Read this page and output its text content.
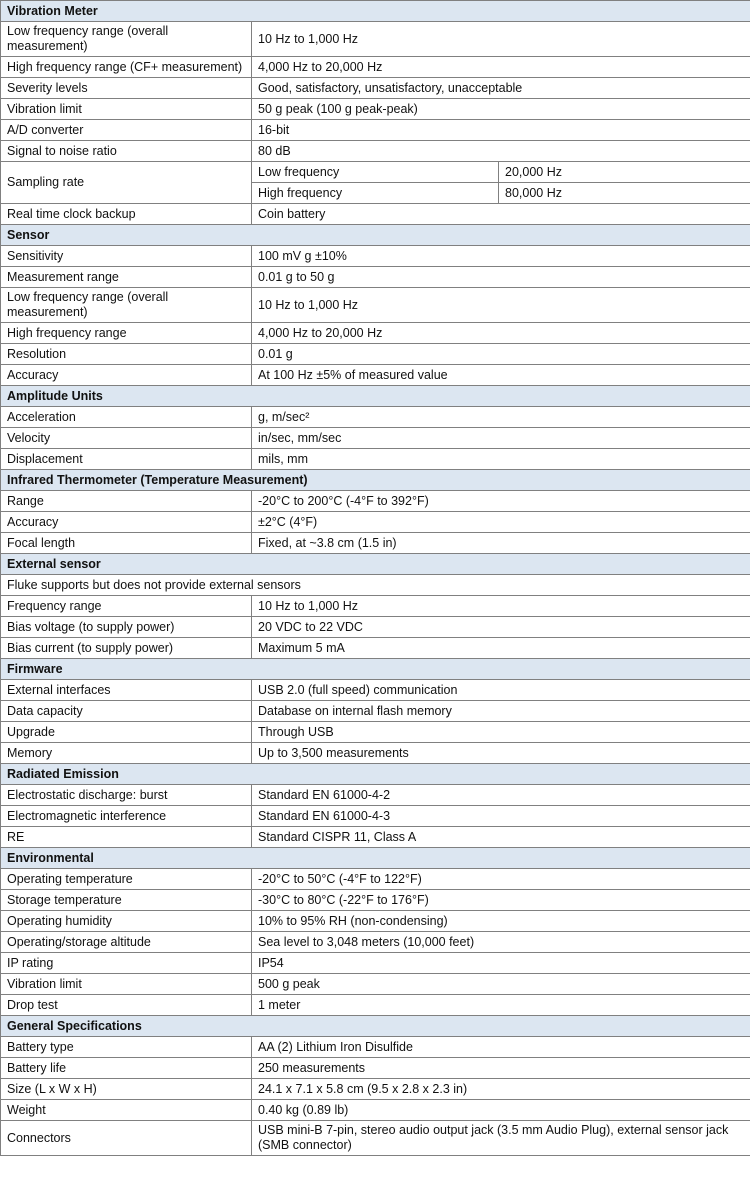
Vibration Meter		
Low frequency range (overall measurement)	10 Hz to 1,000 Hz	
High frequency range (CF+ measurement)	4,000 Hz to 20,000 Hz	
Severity levels	Good, satisfactory, unsatisfactory, unacceptable	
Vibration limit	50 g peak (100 g peak-peak)	
A/D converter	16-bit	
Signal to noise ratio	80 dB	
Sampling rate	Low frequency	20,000 Hz
	High frequency	80,000 Hz
Real time clock backup	Coin battery	
Sensor		
Sensitivity	100 mV g ±10%	
Measurement range	0.01 g to 50 g	
Low frequency range (overall measurement)	10 Hz to 1,000 Hz	
High frequency range	4,000 Hz to 20,000 Hz	
Resolution	0.01 g	
Accuracy	At 100 Hz ±5% of measured value	
Amplitude Units		
Acceleration	g, m/sec²	
Velocity	in/sec, mm/sec	
Displacement	mils, mm	
Infrared Thermometer (Temperature Measurement)		
Range	-20°C to 200°C (-4°F to 392°F)	
Accuracy	±2°C (4°F)	
Focal length	Fixed, at ~3.8 cm (1.5 in)	
External sensor		
Fluke supports but does not provide external sensors		
Frequency range	10 Hz to 1,000 Hz	
Bias voltage (to supply power)	20 VDC to 22 VDC	
Bias current (to supply power)	Maximum 5 mA	
Firmware		
External interfaces	USB 2.0 (full speed) communication	
Data capacity	Database on internal flash memory	
Upgrade	Through USB	
Memory	Up to 3,500 measurements	
Radiated Emission		
Electrostatic discharge: burst	Standard EN 61000-4-2	
Electromagnetic interference	Standard EN 61000-4-3	
RE	Standard CISPR 11, Class A	
Environmental		
Operating temperature	-20°C to 50°C (-4°F to 122°F)	
Storage temperature	-30°C to 80°C (-22°F to 176°F)	
Operating humidity	10% to 95% RH (non-condensing)	
Operating/storage altitude	Sea level to 3,048 meters (10,000 feet)	
IP rating	IP54	
Vibration limit	500 g peak	
Drop test	1 meter	
General Specifications		
Battery type	AA (2) Lithium Iron Disulfide	
Battery life	250 measurements	
Size (L x W x H)	24.1 x 7.1 x 5.8 cm (9.5 x 2.8 x 2.3 in)	
Weight	0.40 kg (0.89 lb)	
Connectors	USB mini-B 7-pin, stereo audio output jack (3.5 mm Audio Plug), external sensor jack (SMB connector)	
